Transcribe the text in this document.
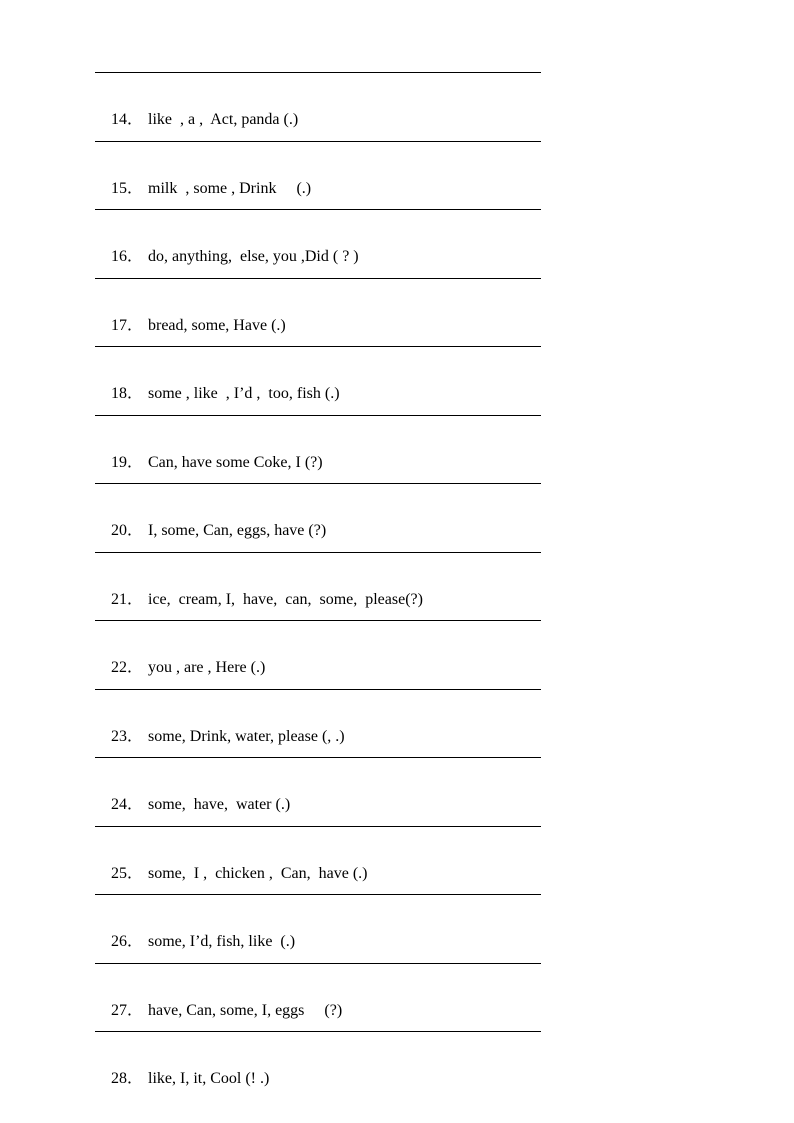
14． like  , a ,  Act, panda (.)

15． milk  , some , Drink     (.)

16． do, anything,  else, you ,Did ( ? )

17． bread, some, Have (.)

18． some , like  , I’d ,  too, fish (.)

19． Can, have some Coke, I (?)

20． I, some, Can, eggs, have (?)

21． ice,  cream, I,  have,  can,  some,  please(?)

22． you , are , Here (.)

23． some, Drink, water, please (, .)

24． some,  have,  water (.)

25． some,  I ,  chicken ,  Can,  have (.)

26． some, I’d, fish, like  (.)

27． have, Can, some, I, eggs     (?)

28． like, I, it, Cool (! .)
